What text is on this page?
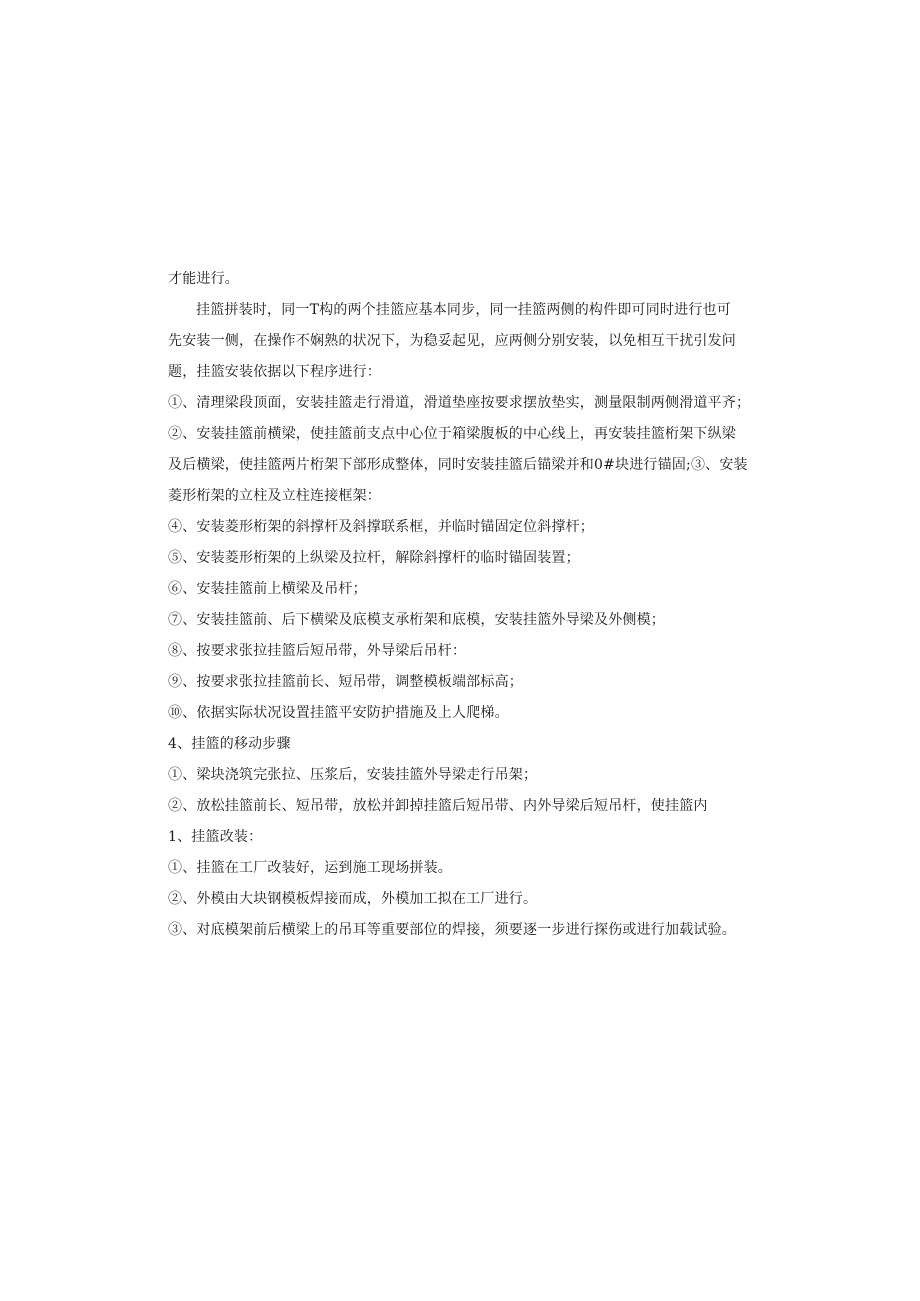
才能进行。
挂篮拼装时，同一T构的两个挂篮应基本同步，同一挂篮两侧的构件即可同时进行也可
先安装一侧，在操作不娴熟的状况下，为稳妥起见，应两侧分别安装，以免相互干扰引发问
题，挂篮安装依据以下程序进行：
①、清理梁段顶面，安装挂篮走行滑道，滑道垫座按要求摆放垫实，测量限制两侧滑道平齐；
②、安装挂篮前横梁，使挂篮前支点中心位于箱梁腹板的中心线上，再安装挂篮桁架下纵梁
及后横梁，使挂篮两片桁架下部形成整体，同时安装挂篮后锚梁并和0#块进行锚固;③、安装
菱形桁架的立柱及立柱连接框架：
④、安装菱形桁架的斜撑杆及斜撑联系框，并临时锚固定位斜撑杆；
⑤、安装菱形桁架的上纵梁及拉杆，解除斜撑杆的临时锚固装置；
⑥、安装挂篮前上横梁及吊杆；
⑦、安装挂篮前、后下横梁及底模支承桁架和底模，安装挂篮外导梁及外侧模；
⑧、按要求张拉挂篮后短吊带，外导梁后吊杆：
⑨、按要求张拉挂篮前长、短吊带，调整模板端部标高；
⑩、依据实际状况设置挂篮平安防护措施及上人爬梯。
4、挂篮的移动步骤
①、梁块浇筑完张拉、压浆后，安装挂篮外导梁走行吊架；
②、放松挂篮前长、短吊带，放松并卸掉挂篮后短吊带、内外导梁后短吊杆，使挂篮内
1、挂篮改装：
①、挂篮在工厂改装好，运到施工现场拼装。
②、外模由大块钢模板焊接而成，外模加工拟在工厂进行。
③、对底模架前后横梁上的吊耳等重要部位的焊接，须要逐一步进行探伤或进行加载试验。
